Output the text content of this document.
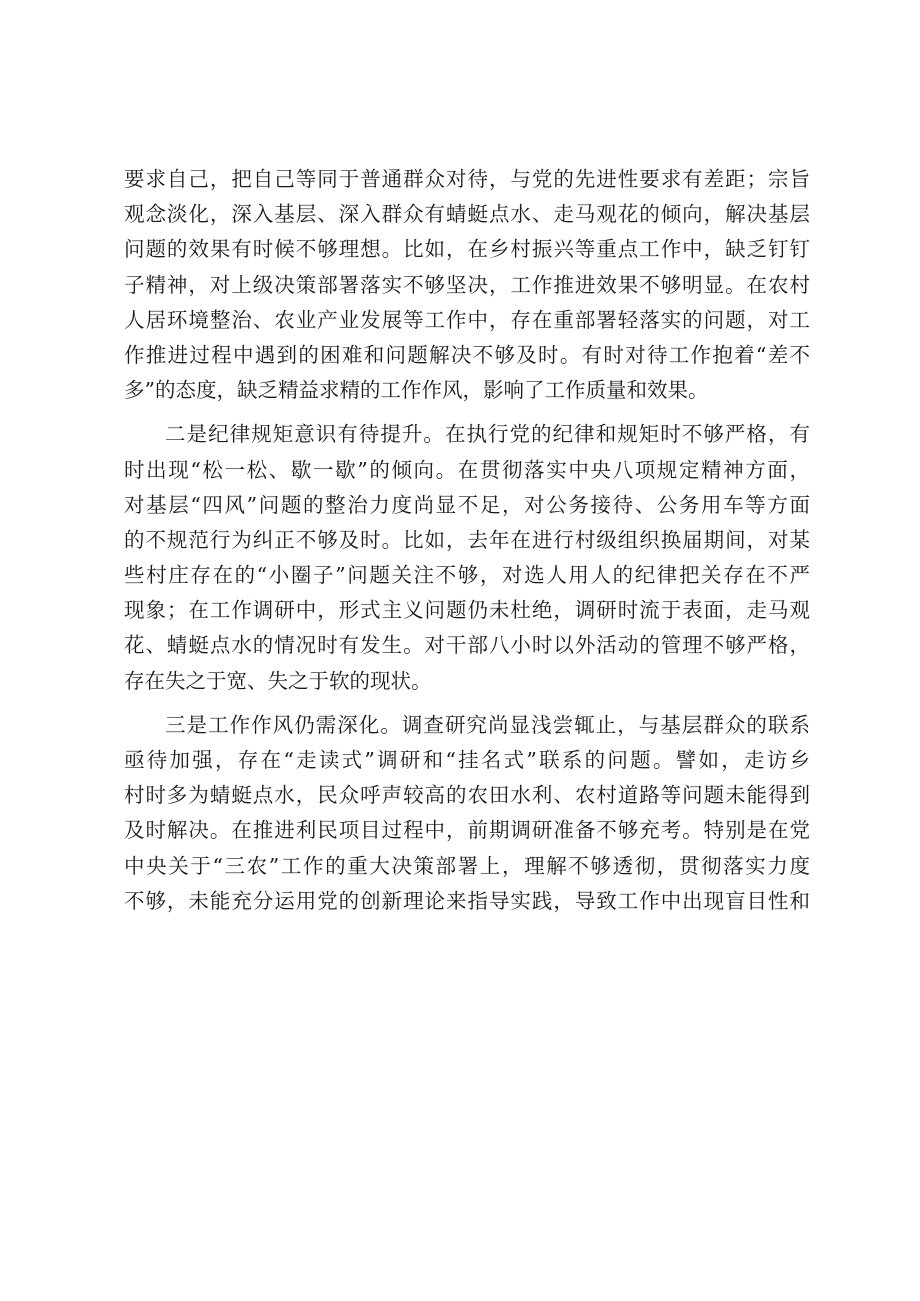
要求自己，把自己等同于普通群众对待，与党的先进性要求有差距；宗旨
观念淡化，深入基层、深入群众有蜻蜓点水、走马观花的倾向，解决基层
问题的效果有时候不够理想。比如，在乡村振兴等重点工作中，缺乏钉钉
子精神，对上级决策部署落实不够坚决，工作推进效果不够明显。在农村
人居环境整治、农业产业发展等工作中，存在重部署轻落实的问题，对工
作推进过程中遇到的困难和问题解决不够及时。有时对待工作抱着“差不
多”的态度，缺乏精益求精的工作作风，影响了工作质量和效果。
二是纪律规矩意识有待提升。在执行党的纪律和规矩时不够严格，有
时出现“松一松、歇一歇”的倾向。在贯彻落实中央八项规定精神方面，
对基层“四风”问题的整治力度尚显不足，对公务接待、公务用车等方面
的不规范行为纠正不够及时。比如，去年在进行村级组织换届期间，对某
些村庄存在的“小圈子”问题关注不够，对选人用人的纪律把关存在不严
现象；在工作调研中，形式主义问题仍未杜绝，调研时流于表面，走马观
花、蜻蜓点水的情况时有发生。对干部八小时以外活动的管理不够严格，
存在失之于宽、失之于软的现状。
三是工作作风仍需深化。调查研究尚显浅尝辄止，与基层群众的联系
亟待加强，存在“走读式”调研和“挂名式”联系的问题。譬如，走访乡
村时多为蜻蜓点水，民众呼声较高的农田水利、农村道路等问题未能得到
及时解决。在推进利民项目过程中，前期调研准备不够充考。特别是在党
中央关于“三农”工作的重大决策部署上，理解不够透彻，贯彻落实力度
不够，未能充分运用党的创新理论来指导实践，导致工作中出现盲目性和
